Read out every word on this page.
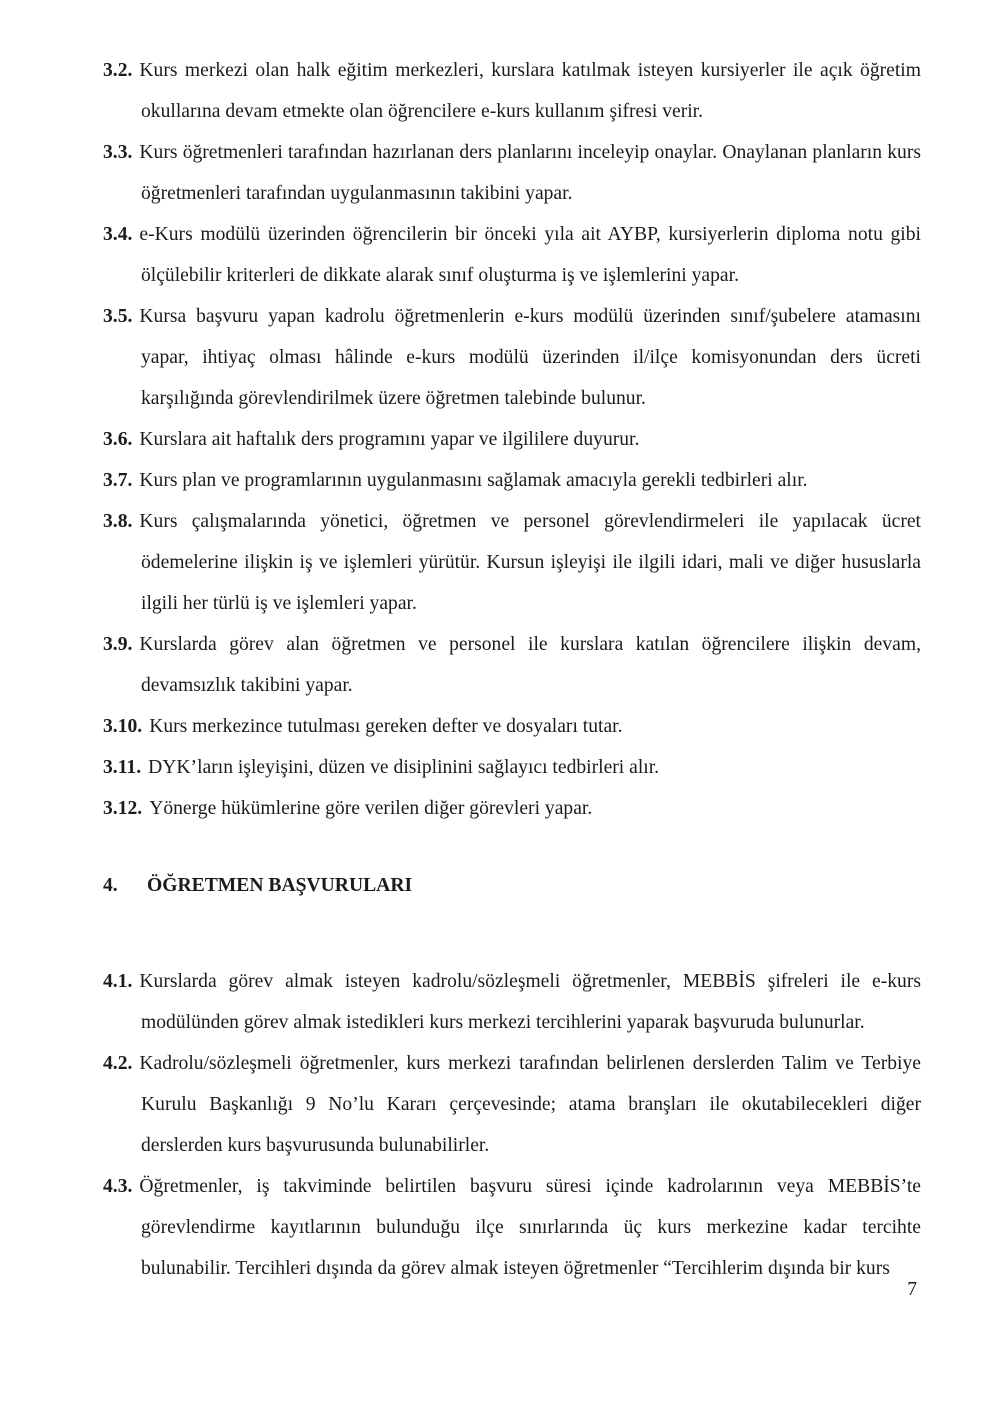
3.2. Kurs merkezi olan halk eğitim merkezleri, kurslara katılmak isteyen kursiyerler ile açık öğretim okullarına devam etmekte olan öğrencilere e-kurs kullanım şifresi verir.

3.3. Kurs öğretmenleri tarafından hazırlanan ders planlarını inceleyip onaylar. Onaylanan planların kurs öğretmenleri tarafından uygulanmasının takibini yapar.

3.4. e-Kurs modülü üzerinden öğrencilerin bir önceki yıla ait AYBP, kursiyerlerin diploma notu gibi ölçülebilir kriterleri de dikkate alarak sınıf oluşturma iş ve işlemlerini yapar.

3.5. Kursa başvuru yapan kadrolu öğretmenlerin e-kurs modülü üzerinden sınıf/şubelere atamasını yapar, ihtiyaç olması hâlinde e-kurs modülü üzerinden il/ilçe komisyonundan ders ücreti karşılığında görevlendirilmek üzere öğretmen talebinde bulunur.

3.6. Kurslara ait haftalık ders programını yapar ve ilgililere duyurur.

3.7. Kurs plan ve programlarının uygulanmasını sağlamak amacıyla gerekli tedbirleri alır.

3.8. Kurs çalışmalarında yönetici, öğretmen ve personel görevlendirmeleri ile yapılacak ücret ödemelerine ilişkin iş ve işlemleri yürütür. Kursun işleyişi ile ilgili idari, mali ve diğer hususlarla ilgili her türlü iş ve işlemleri yapar.

3.9. Kurslarda görev alan öğretmen ve personel ile kurslara katılan öğrencilere ilişkin devam, devamsızlık takibini yapar.

3.10. Kurs merkezince tutulması gereken defter ve dosyaları tutar.

3.11. DYK’ların işleyişini, düzen ve disiplinini sağlayıcı tedbirleri alır.

3.12. Yönerge hükümlerine göre verilen diğer görevleri yapar.

4. ÖĞRETMEN BAŞVURULARI

4.1. Kurslarda görev almak isteyen kadrolu/sözleşmeli öğretmenler, MEBBİS şifreleri ile e-kurs modülünden görev almak istedikleri kurs merkezi tercihlerini yaparak başvuruda bulunurlar.

4.2. Kadrolu/sözleşmeli öğretmenler, kurs merkezi tarafından belirlenen derslerden Talim ve Terbiye Kurulu Başkanlığı 9 No’lu Kararı çerçevesinde; atama branşları ile okutabilecekleri diğer derslerden kurs başvurusunda bulunabilirler.

4.3. Öğretmenler, iş takviminde belirtilen başvuru süresi içinde kadrolarının veya MEBBİS’te görevlendirme kayıtlarının bulunduğu ilçe sınırlarında üç kurs merkezine kadar tercihte bulunabilir. Tercihleri dışında da görev almak isteyen öğretmenler “Tercihlerim dışında bir kurs

7
